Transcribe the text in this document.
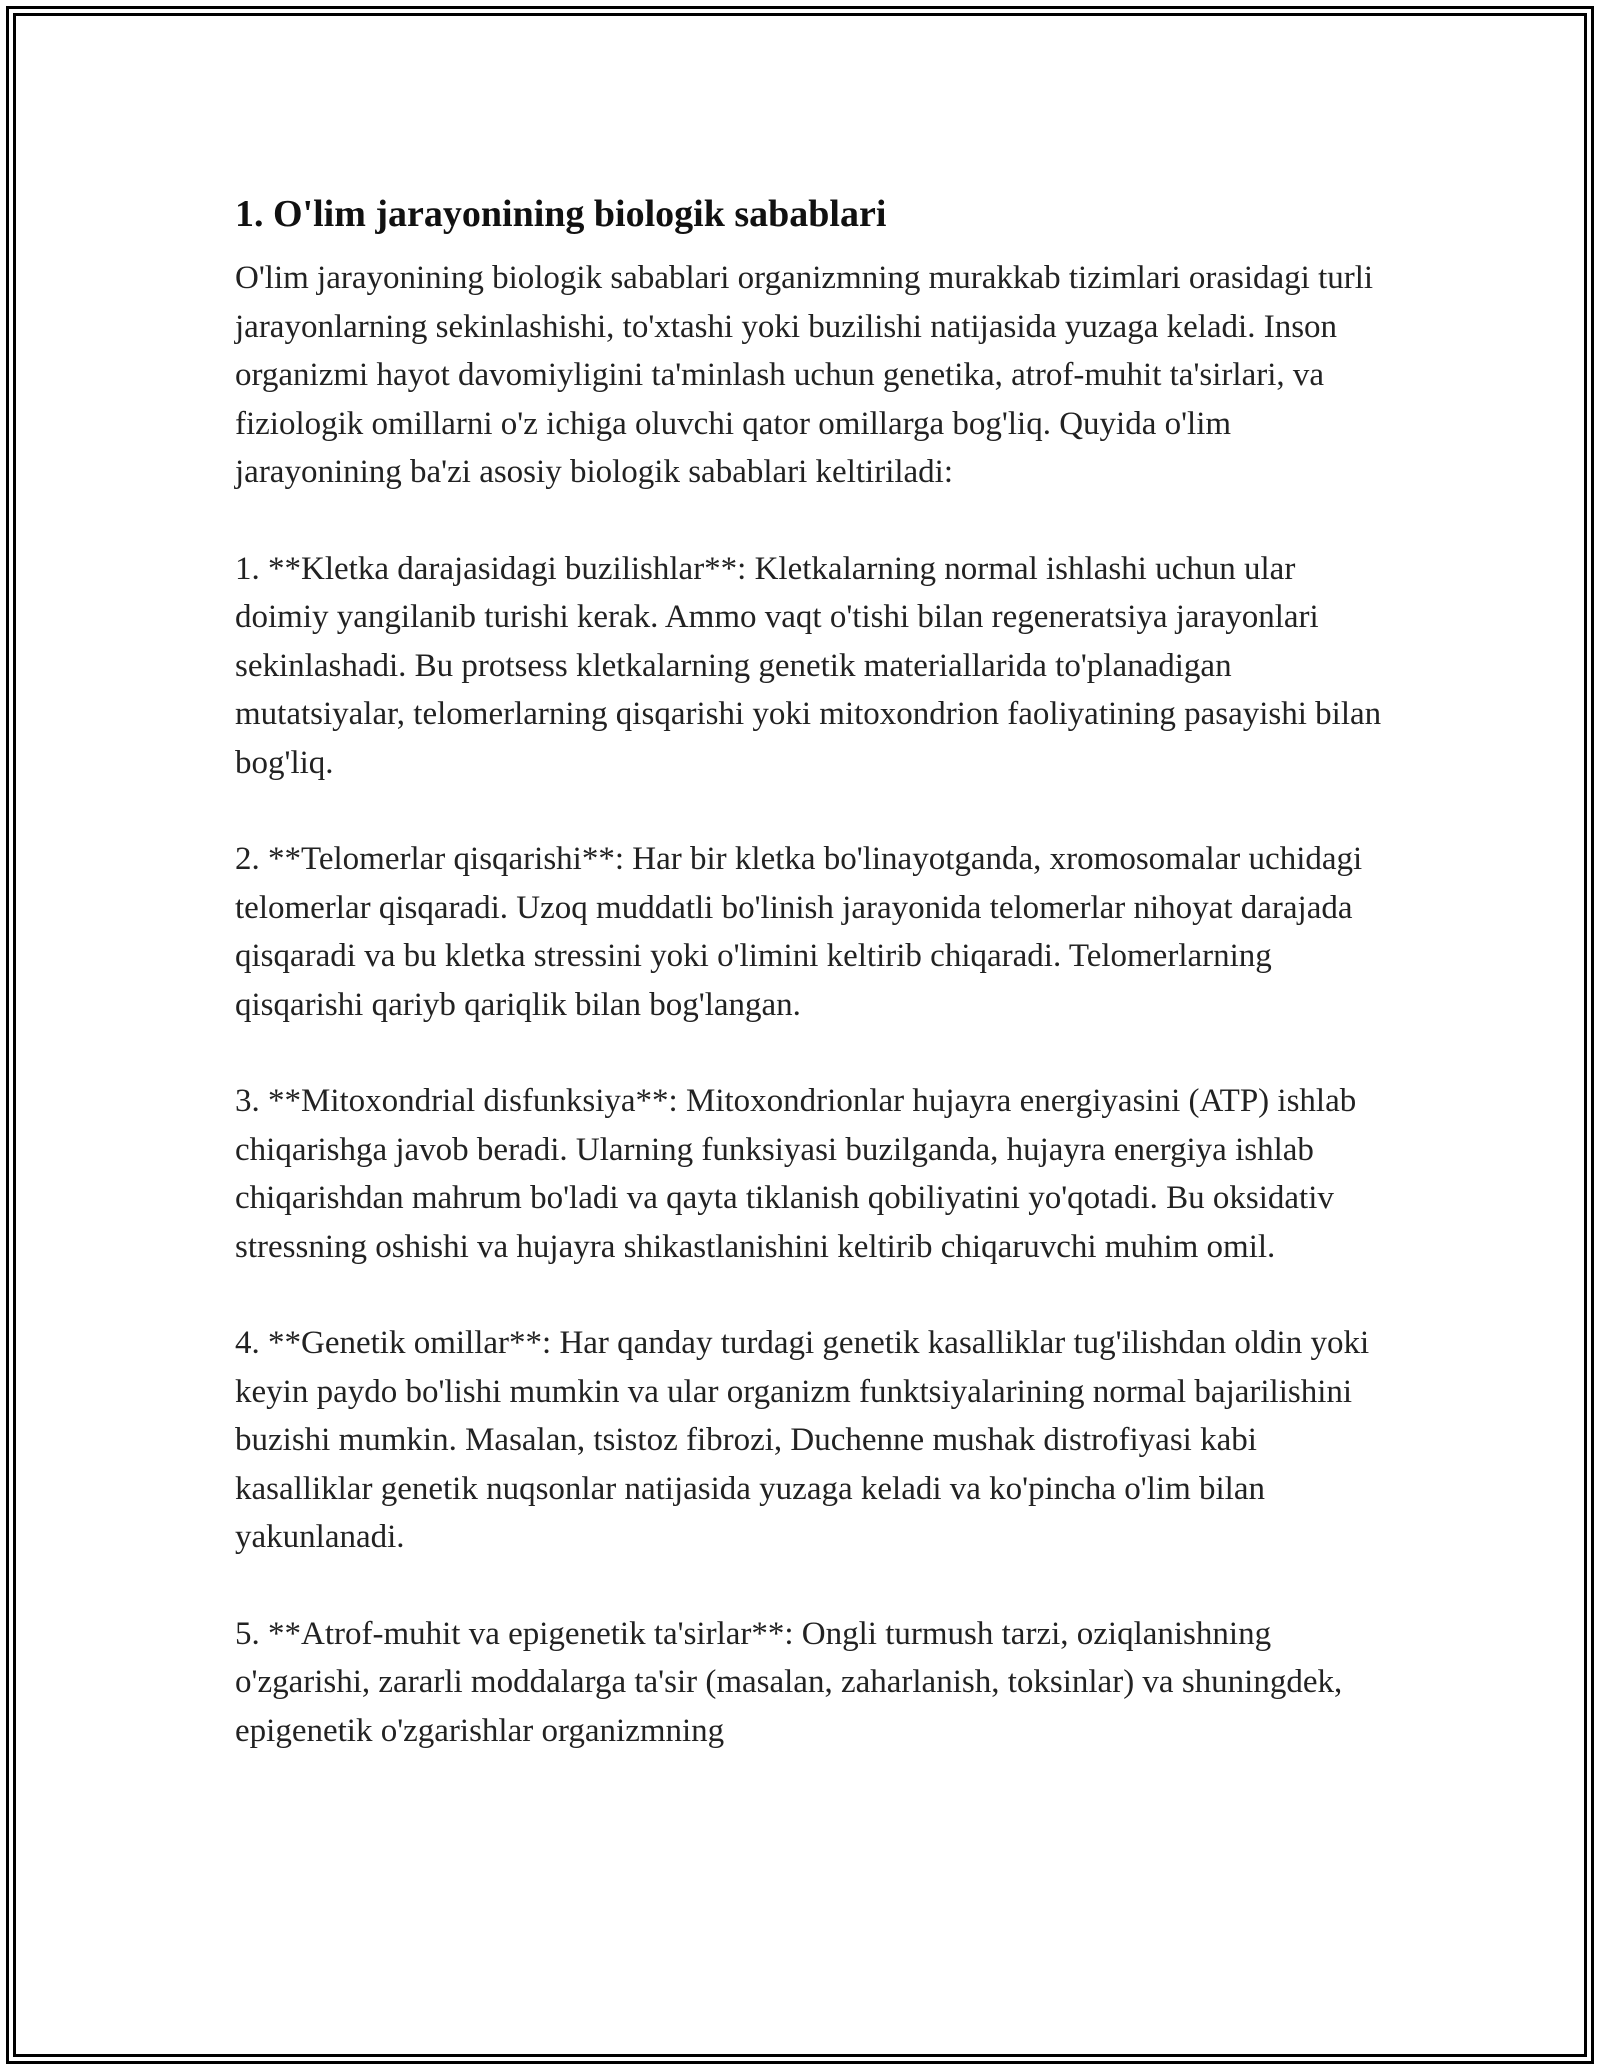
1. O'lim jarayonining biologik sabablari

O'lim jarayonining biologik sabablari organizmning murakkab tizimlari orasidagi turli jarayonlarning sekinlashishi, to'xtashi yoki buzilishi natijasida yuzaga keladi. Inson organizmi hayot davomiyligini ta'minlash uchun genetika, atrof-muhit ta'sirlari, va fiziologik omillarni o'z ichiga oluvchi qator omillarga bog'liq. Quyida o'lim jarayonining ba'zi asosiy biologik sabablari keltiriladi:

1. **Kletka darajasidagi buzilishlar**: Kletkalarning normal ishlashi uchun ular doimiy yangilanib turishi kerak. Ammo vaqt o'tishi bilan regeneratsiya jarayonlari sekinlashadi. Bu protsess kletkalarning genetik materiallarida to'planadigan mutatsiyalar, telomerlarning qisqarishi yoki mitoxondrion faoliyatining pasayishi bilan bog'liq.

2. **Telomerlar qisqarishi**: Har bir kletka bo'linayotganda, xromosomalar uchidagi telomerlar qisqaradi. Uzoq muddatli bo'linish jarayonida telomerlar nihoyat darajada qisqaradi va bu kletka stressini yoki o'limini keltirib chiqaradi. Telomerlarning qisqarishi qariyb qariqlik bilan bog'langan.

3. **Mitoxondrial disfunksiya**: Mitoxondrionlar hujayra energiyasini (ATP) ishlab chiqarishga javob beradi. Ularning funksiyasi buzilganda, hujayra energiya ishlab chiqarishdan mahrum bo'ladi va qayta tiklanish qobiliyatini yo'qotadi. Bu oksidativ stressning oshishi va hujayra shikastlanishini keltirib chiqaruvchi muhim omil.

4. **Genetik omillar**: Har qanday turdagi genetik kasalliklar tug'ilishdan oldin yoki keyin paydo bo'lishi mumkin va ular organizm funktsiyalarining normal bajarilishini buzishi mumkin. Masalan, tsistoz fibrozi, Duchenne mushak distrofiyasi kabi kasalliklar genetik nuqsonlar natijasida yuzaga keladi va ko'pincha o'lim bilan yakunlanadi.

5. **Atrof-muhit va epigenetik ta'sirlar**: Ongli turmush tarzi, oziqlanishning o'zgarishi, zararli moddalarga ta'sir (masalan, zaharlanish, toksinlar) va shuningdek, epigenetik o'zgarishlar organizmning
